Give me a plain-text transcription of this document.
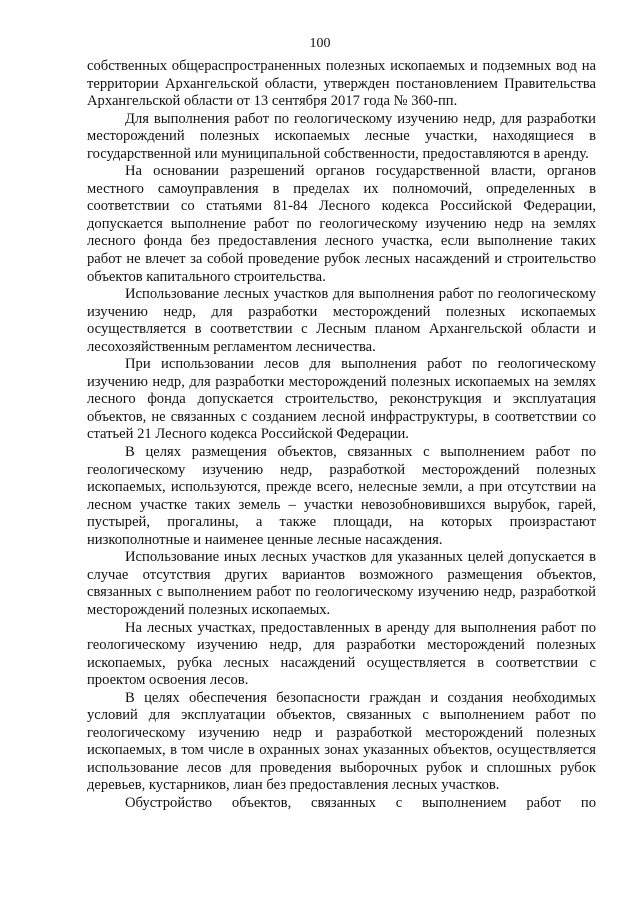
100

собственных общераспространенных полезных ископаемых и подземных вод на территории Архангельской области, утвержден постановлением Правительства Архангельской области от 13 сентября 2017 года № 360-пп.

Для выполнения работ по геологическому изучению недр, для разработки месторождений полезных ископаемых лесные участки, находящиеся в государственной или муниципальной собственности, предоставляются в аренду.

На основании разрешений органов государственной власти, органов местного самоуправления в пределах их полномочий, определенных в соответствии со статьями 81-84 Лесного кодекса Российской Федерации, допускается выполнение работ по геологическому изучению недр на землях лесного фонда без предоставления лесного участка, если выполнение таких работ не влечет за собой проведение рубок лесных насаждений и строительство объектов капитального строительства.

Использование лесных участков для выполнения работ по геологическому изучению недр, для разработки месторождений полезных ископаемых осуществляется в соответствии с Лесным планом Архангельской области и лесохозяйственным регламентом лесничества.

При использовании лесов для выполнения работ по геологическому изучению недр, для разработки месторождений полезных ископаемых на землях лесного фонда допускается строительство, реконструкция и эксплуатация объектов, не связанных с созданием лесной инфраструктуры, в соответствии со статьей 21 Лесного кодекса Российской Федерации.

В целях размещения объектов, связанных с выполнением работ по геологическому изучению недр, разработкой месторождений полезных ископаемых, используются, прежде всего, нелесные земли, а при отсутствии на лесном участке таких земель – участки невозобновившихся вырубок, гарей, пустырей, прогалины, а также площади, на которых произрастают низкополнотные и наименее ценные лесные насаждения.

Использование иных лесных участков для указанных целей допускается в случае отсутствия других вариантов возможного размещения объектов, связанных с выполнением работ по геологическому изучению недр, разработкой месторождений полезных ископаемых.

На лесных участках, предоставленных в аренду для выполнения работ по геологическому изучению недр, для разработки месторождений полезных ископаемых, рубка лесных насаждений осуществляется в соответствии с проектом освоения лесов.

В целях обеспечения безопасности граждан и создания необходимых условий для эксплуатации объектов, связанных с выполнением работ по геологическому изучению недр и разработкой месторождений полезных ископаемых, в том числе в охранных зонах указанных объектов, осуществляется использование лесов для проведения выборочных рубок и сплошных рубок деревьев, кустарников, лиан без предоставления лесных участков.

Обустройство объектов, связанных с выполнением работ по
